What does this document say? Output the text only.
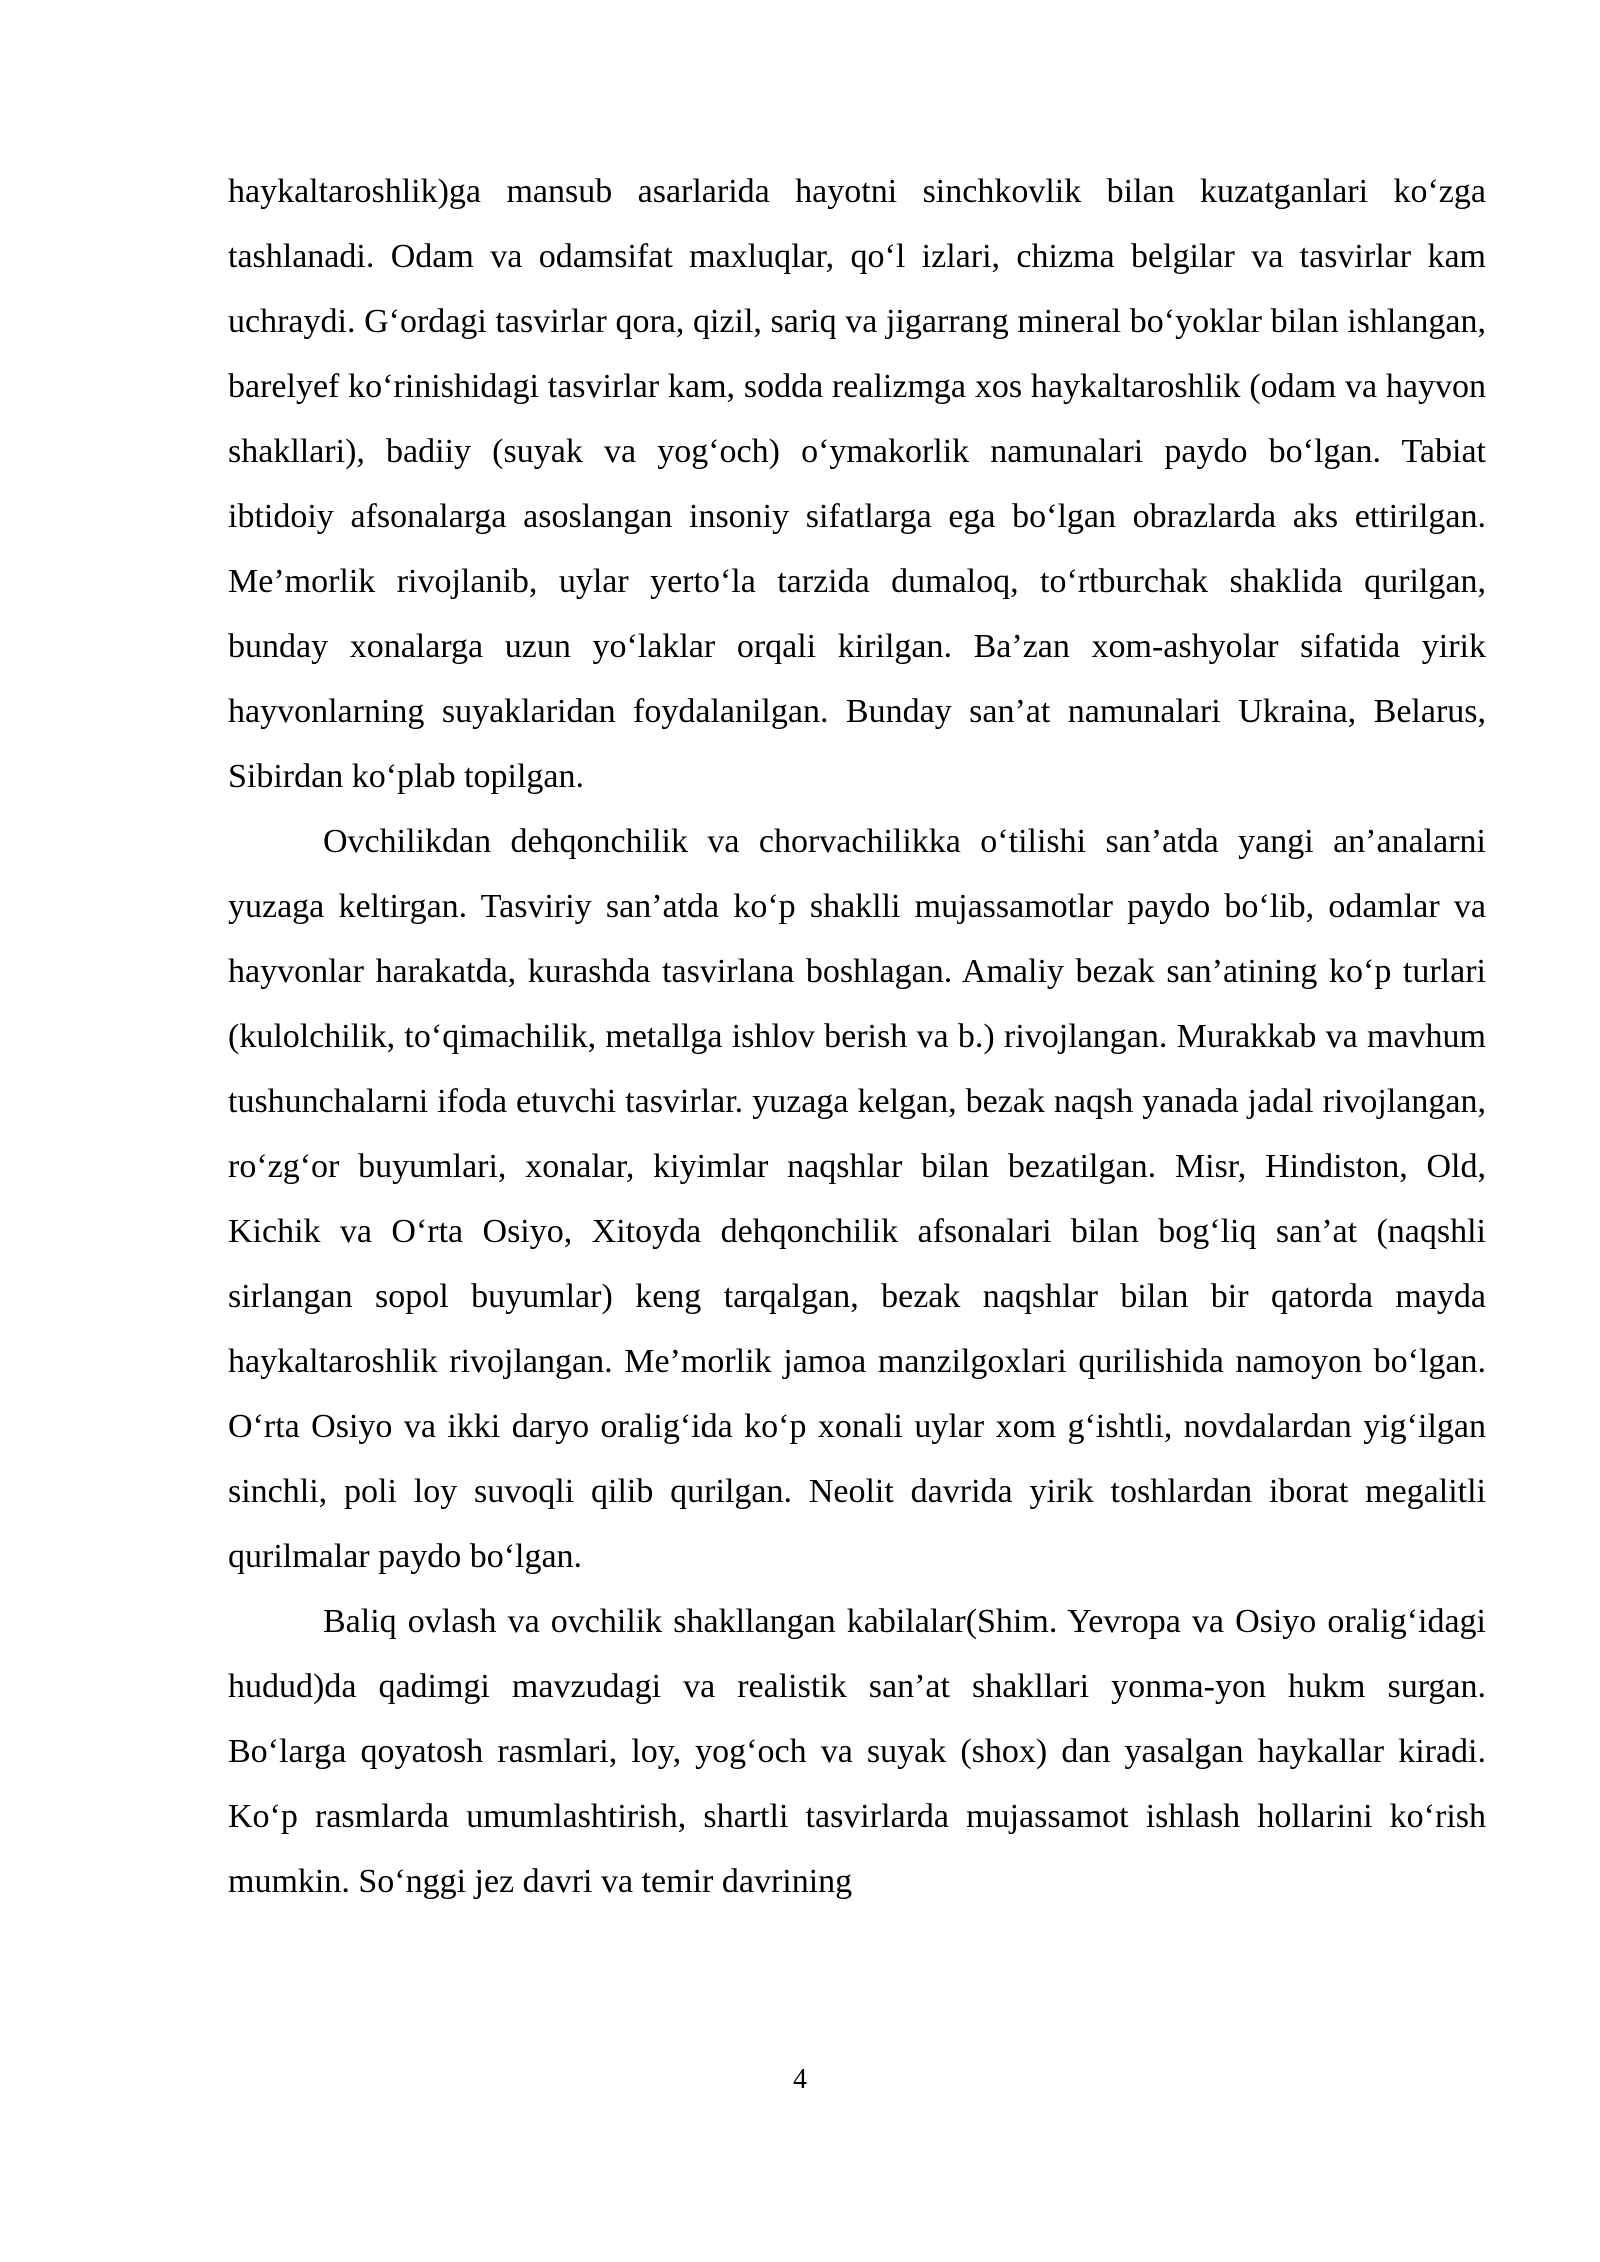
haykaltaroshlik)ga mansub asarlarida hayotni sinchkovlik bilan kuzatganlari koʻzga tashlanadi. Odam va odamsifat maxluqlar, qoʻl izlari, chizma belgilar va tasvirlar kam uchraydi. Gʻordagi tasvirlar qora, qizil, sariq va jigarrang mineral boʻyoklar bilan ishlangan, barelyef koʻrinishidagi tasvirlar kam, sodda realizmga xos haykaltaroshlik (odam va hayvon shakllari), badiiy (suyak va yogʻoch) oʻymakorlik namunalari paydo boʻlgan. Tabiat ibtidoiy afsonalarga asoslangan insoniy sifatlarga ega boʻlgan obrazlarda aks ettirilgan. Me’morlik rivojlanib, uylar yertoʻla tarzida dumaloq, toʻrtburchak shaklida qurilgan, bunday xonalarga uzun yoʻlaklar orqali kirilgan. Ba’zan xom-ashyolar sifatida yirik hayvonlarning suyaklaridan foydalanilgan. Bunday san’at namunalari Ukraina, Belarus, Sibirdan koʻplab topilgan.

Ovchilikdan dehqonchilik va chorvachilikka oʻtilishi san’atda yangi an’analarni yuzaga keltirgan. Tasviriy san’atda koʻp shaklli mujassamotlar paydo boʻlib, odamlar va hayvonlar harakatda, kurashda tasvirlana boshlagan. Amaliy bezak san’atining koʻp turlari (kulolchilik, toʻqimachilik, metallga ishlov berish va b.) rivojlangan. Murakkab va mavhum tushunchalarni ifoda etuvchi tasvirlar. yuzaga kelgan, bezak naqsh yanada jadal rivojlangan, roʻzgʻor buyumlari, xonalar, kiyimlar naqshlar bilan bezatilgan. Misr, Hindiston, Old, Kichik va Oʻrta Osiyo, Xitoyda dehqonchilik afsonalari bilan bogʻliq san’at (naqshli sirlangan sopol buyumlar) keng tarqalgan, bezak naqshlar bilan bir qatorda mayda haykaltaroshlik rivojlangan. Me’morlik jamoa manzilgoxlari qurilishida namoyon boʻlgan. Oʻrta Osiyo va ikki daryo oraligʻida koʻp xonali uylar xom gʻishtli, novdalardan yigʻilgan sinchli, poli loy suvoqli qilib qurilgan. Neolit davrida yirik toshlardan iborat megalitli qurilmalar paydo boʻlgan.

Baliq ovlash va ovchilik shakllangan kabilalar(Shim. Yevropa va Osiyo oraligʻidagi hudud)da qadimgi mavzudagi va realistik san’at shakllari yonma-yon hukm surgan. Boʻlarga qoyatosh rasmlari, loy, yogʻoch va suyak (shox) dan yasalgan haykallar kiradi. Koʻp rasmlarda umumlashtirish, shartli tasvirlarda mujassamot ishlash hollarini koʻrish mumkin. Soʻnggi jez davri va temir davrining

4
